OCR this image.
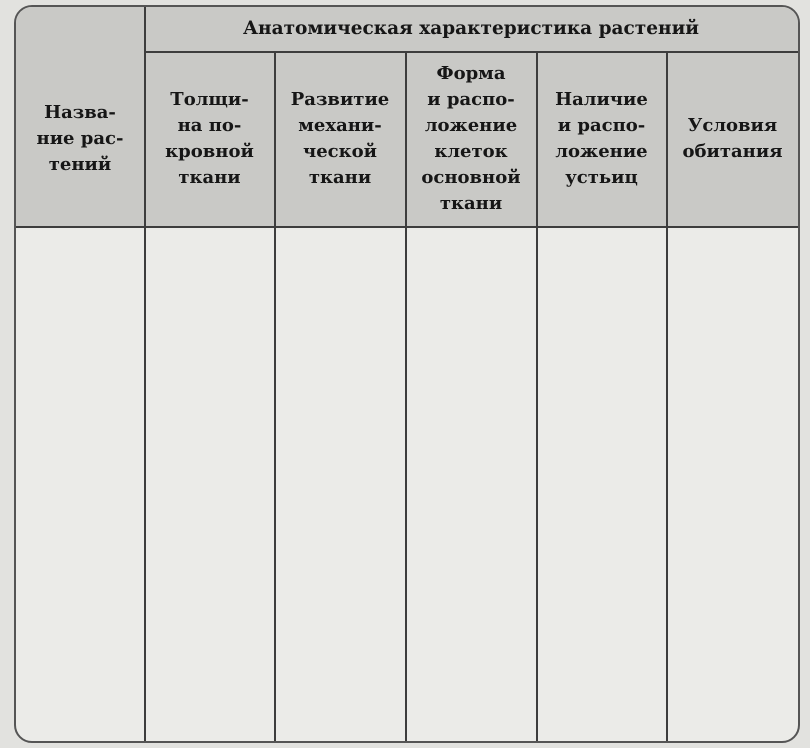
Анатомическая характеристика растений
Назва-
ние рас-
тений
Толщи-
на по-
кровной
ткани
Развитие
механи-
ческой
ткани
Форма
и распо-
ложение
клеток
основной
ткани
Наличие
и распо-
ложение
устьиц
Условия
обитания
